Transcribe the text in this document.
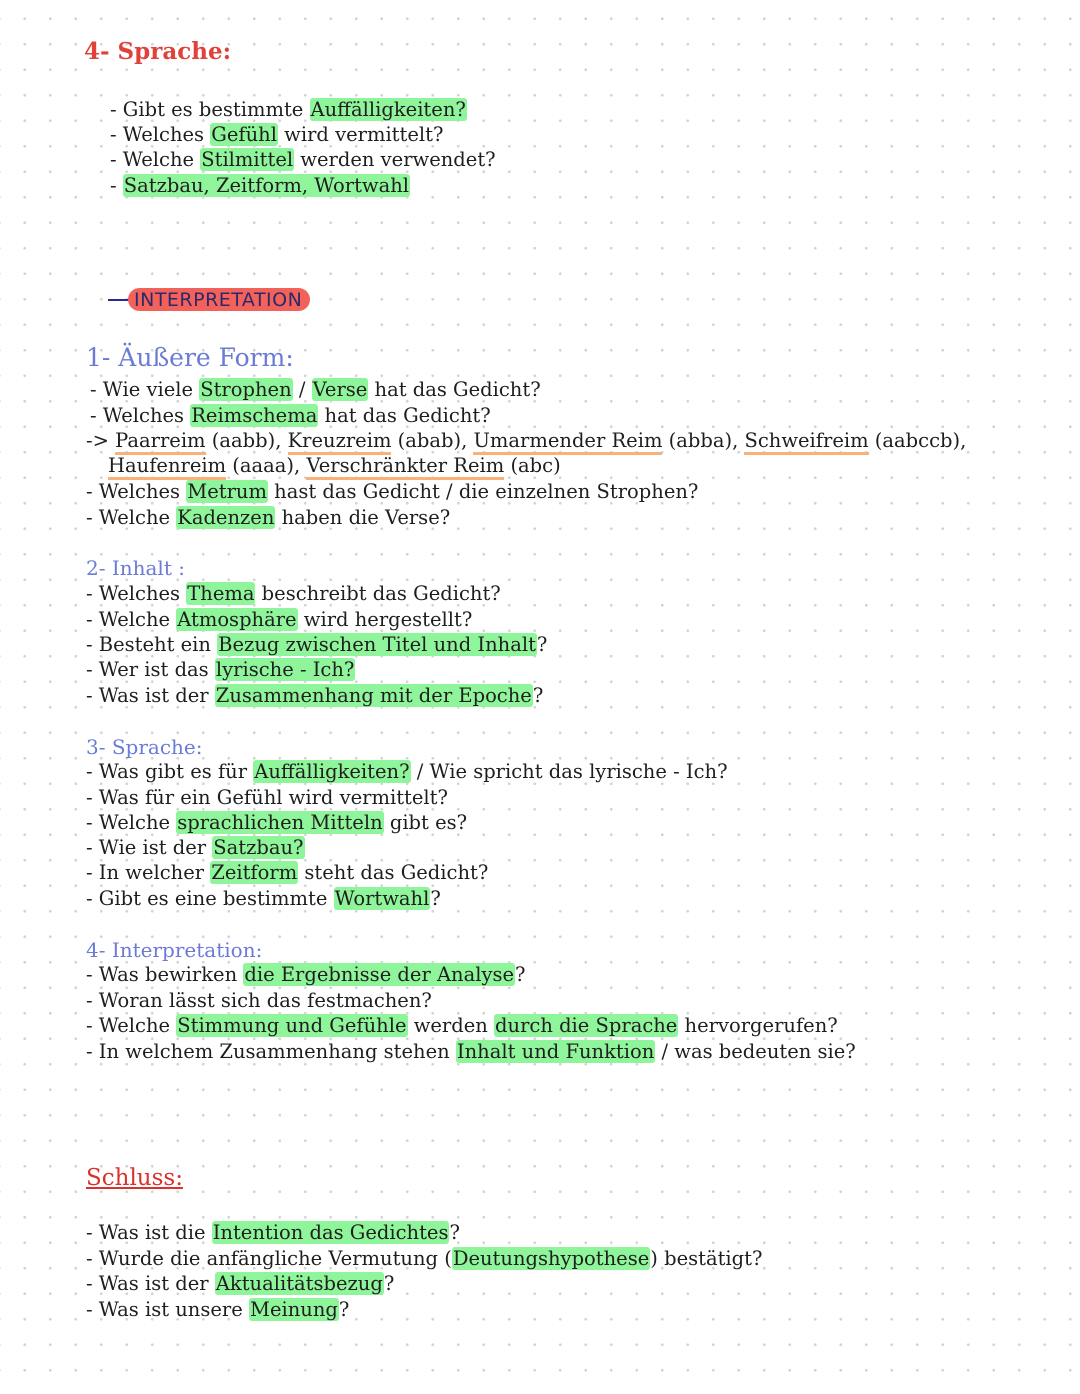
4- Sprache:
- Gibt es bestimmte Auffälligkeiten?
- Welches Gefühl wird vermittelt?
- Welche Stilmittel werden verwendet?
- Satzbau, Zeitform, Wortwahl
INTERPRETATION
1- Äußere Form:
- Wie viele Strophen / Verse hat das Gedicht?
- Welches Reimschema hat das Gedicht?
-> Paarreim (aabb), Kreuzreim (abab), Umarmender Reim (abba), Schweifreim (aabccb),
Haufenreim (aaaa), Verschränkter Reim (abc)
- Welches Metrum hast das Gedicht / die einzelnen Strophen?
- Welche Kadenzen haben die Verse?
2- Inhalt :
- Welches Thema beschreibt das Gedicht?
- Welche Atmosphäre wird hergestellt?
- Besteht ein Bezug zwischen Titel und Inhalt?
- Wer ist das lyrische - Ich?
- Was ist der Zusammenhang mit der Epoche?
3- Sprache:
- Was gibt es für Auffälligkeiten? / Wie spricht das lyrische - Ich?
- Was für ein Gefühl wird vermittelt?
- Welche sprachlichen Mitteln gibt es?
- Wie ist der Satzbau?
- In welcher Zeitform steht das Gedicht?
- Gibt es eine bestimmte Wortwahl?
4- Interpretation:
- Was bewirken die Ergebnisse der Analyse?
- Woran lässt sich das festmachen?
- Welche Stimmung und Gefühle werden durch die Sprache hervorgerufen?
- In welchem Zusammenhang stehen Inhalt und Funktion / was bedeuten sie?
Schluss:
- Was ist die Intention das Gedichtes?
- Wurde die anfängliche Vermutung (Deutungshypothese) bestätigt?
- Was ist der Aktualitätsbezug?
- Was ist unsere Meinung?
